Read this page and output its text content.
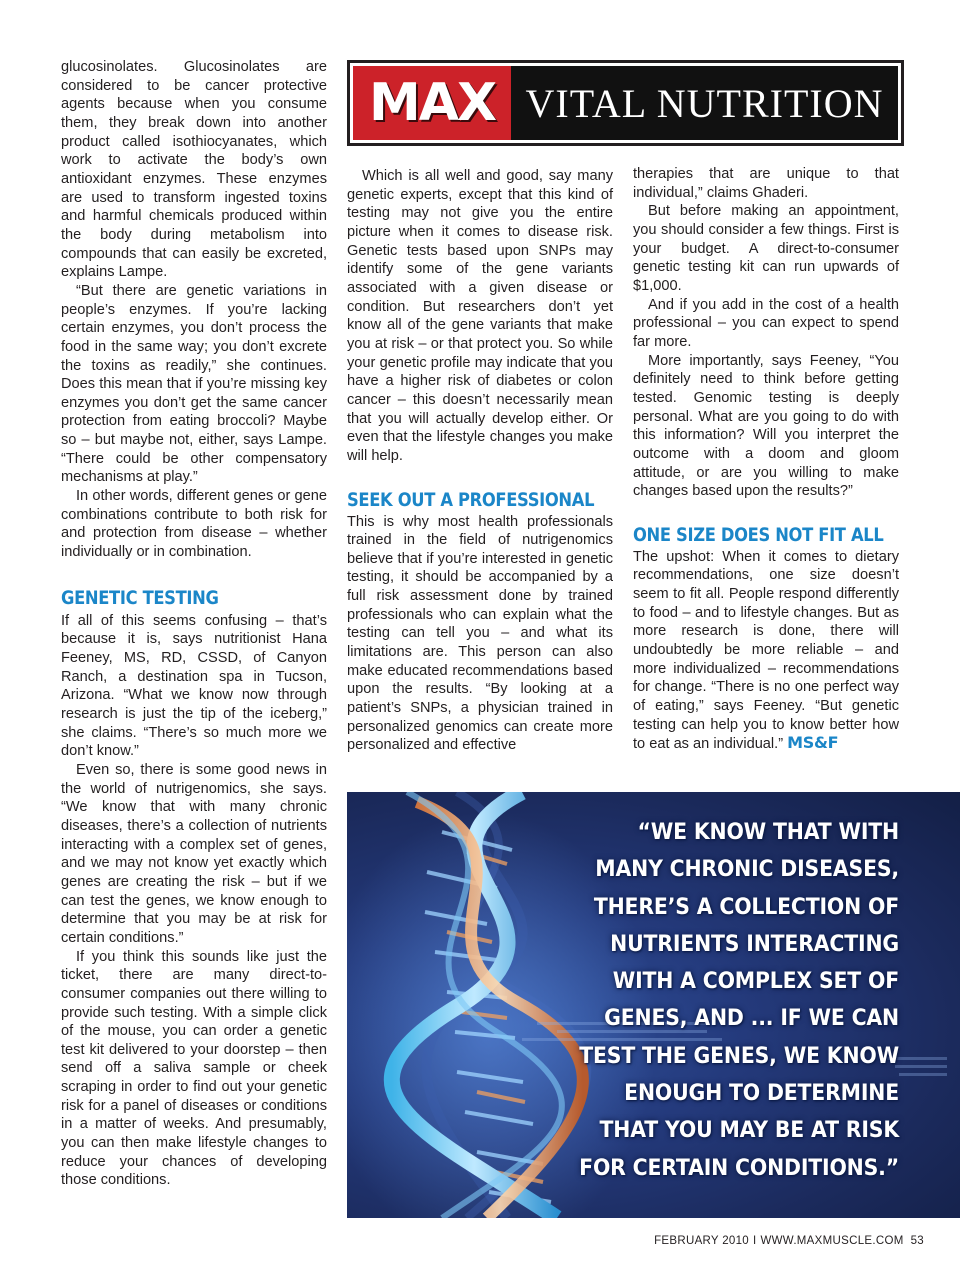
glucosinolates. Glucosinolates are considered to be cancer protective agents because when you consume them, they break down into another product called isothiocyanates, which work to activate the body’s own antioxidant enzymes. These enzymes are used to transform ingested toxins and harmful chemicals produced within the body during metabolism into compounds that can easily be excreted, explains Lampe.

“But there are genetic variations in people’s enzymes. If you’re lacking certain enzymes, you don’t process the food in the same way; you don’t excrete the toxins as readily,” she continues. Does this mean that if you’re missing key enzymes you don’t get the same cancer protection from eating broccoli? Maybe so – but maybe not, either, says Lampe. “There could be other compensatory mechanisms at play.”

In other words, different genes or gene combinations contribute to both risk for and protection from disease – whether individually or in combination.

GENETIC TESTING

If all of this seems confusing – that’s because it is, says nutritionist Hana Feeney, MS, RD, CSSD, of Canyon Ranch, a destination spa in Tucson, Arizona. “What we know now through research is just the tip of the iceberg,” she claims. “There’s so much more we don’t know.”

Even so, there is some good news in the world of nutrigenomics, she says. “We know that with many chronic diseases, there’s a collection of nutrients interacting with a complex set of genes, and we may not know yet exactly which genes are creating the risk – but if we can test the genes, we know enough to determine that you may be at risk for certain conditions.”

If you think this sounds like just the ticket, there are many direct-to-consumer companies out there willing to provide such testing. With a simple click of the mouse, you can order a genetic test kit delivered to your doorstep – then send off a saliva sample or cheek scraping in order to find out your genetic risk for a panel of diseases or conditions in a matter of weeks. And presumably, you can then make lifestyle changes to reduce your chances of developing those conditions.

MAX VITAL NUTRITION

Which is all well and good, say many genetic experts, except that this kind of testing may not give you the entire picture when it comes to disease risk. Genetic tests based upon SNPs may identify some of the gene variants associated with a given disease or condition. But researchers don’t yet know all of the gene variants that make you at risk – or that protect you. So while your genetic profile may indicate that you have a higher risk of diabetes or colon cancer – this doesn’t necessarily mean that you will actually develop either. Or even that the lifestyle changes you make will help.

SEEK OUT A PROFESSIONAL

This is why most health professionals trained in the field of nutrigenomics believe that if you’re interested in genetic testing, it should be accompanied by a full risk assessment done by trained professionals who can explain what the testing can tell you – and what its limitations are. This person can also make educated recommendations based upon the results. “By looking at a patient’s SNPs, a physician trained in personalized genomics can create more personalized and effective

therapies that are unique to that individual,” claims Ghaderi.

But before making an appointment, you should consider a few things. First is your budget. A direct-to-consumer genetic testing kit can run upwards of $1,000.

And if you add in the cost of a health professional – you can expect to spend far more.

More importantly, says Feeney, “You definitely need to think before getting tested. Genomic testing is deeply personal. What are you going to do with this information? Will you interpret the outcome with a doom and gloom attitude, or are you willing to make changes based upon the results?”

ONE SIZE DOES NOT FIT ALL

The upshot: When it comes to dietary recommendations, one size doesn’t seem to fit all. People respond differently to food – and to lifestyle changes. But as more research is done, there will undoubtedly be more reliable – and more individualized – recommendations for change. “There is no one perfect way of eating,” says Feeney. “But genetic testing can help you to know better how to eat as an individual.” MS&F

“WE KNOW THAT WITH
MANY CHRONIC DISEASES,
THERE’S A COLLECTION OF
NUTRIENTS INTERACTING
WITH A COMPLEX SET OF
GENES, AND ... IF WE CAN
TEST THE GENES, WE KNOW
ENOUGH TO DETERMINE
THAT YOU MAY BE AT RISK
FOR CERTAIN CONDITIONS.”
FEBRUARY 2010 I WWW.MAXMUSCLE.COM 53
